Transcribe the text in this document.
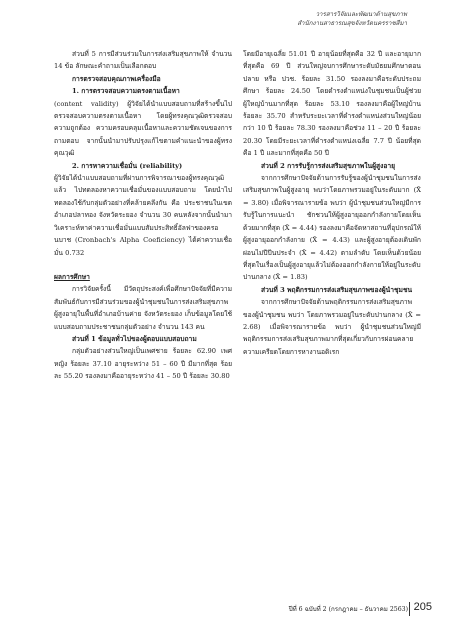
วารสารวิจัยและพัฒนาด้านสุขภาพ
สำนักงานสาธารณสุขจังหวัดนครราชสีมา

ส่วนที่ 5 การมีส่วนร่วมในการส่งเสริมสุขภาพให้ จำนวน 14 ข้อ ลักษณะคำถามเป็นเลือกตอบ

การตรวจสอบคุณภาพเครื่องมือ

1. การตรวจสอบความตรงตามเนื้อหา

(content validity) ผู้วิจัยได้นำแบบสอบถามที่สร้างขึ้นไปตรวจสอบความตรงตามเนื้อหา โดยผู้ทรงคุณวุฒิตรวจสอบความถูกต้อง ความครอบคลุมเนื้อหาและความชัดเจนของการถามตอบ จากนั้นนำมาปรับปรุงแก้ไขตามคำแนะนำของผู้ทรงคุณวุฒิ

2. การหาความเชื่อมั่น (reliability)

ผู้วิจัยได้นำแบบสอบถามที่ผ่านการพิจารณาของผู้ทรงคุณวุฒิแล้ว ไปทดลองหาความเชื่อมั่นของแบบสอบถาม โดยนำไปทดลองใช้กับกลุ่มตัวอย่างที่คล้ายคลึงกัน คือ ประชาชนในเขตอำเภอปลาทอง จังหวัดระยอง จำนวน 30 คนหลังจากนั้นนำมาวิเคราะห์หาค่าความเชื่อมั่นแบบสัมประสิทธิ์อัลฟาของครอนบาช (Cronbach's Alpha Coeficiency) ได้ค่าความเชื่อมั่น 0.732

ผลการศึกษา

การวิจัยครั้งนี้ มีวัตถุประสงค์เพื่อศึกษาปัจจัยที่มีความสัมพันธ์กับการมีส่วนร่วมของผู้นำชุมชนในการส่งเสริมสุขภาพผู้สูงอายุในพื้นที่อำเภอบ้านค่าย จังหวัดระยอง เก็บข้อมูลโดยใช้แบบสอบถามประชาชนกลุ่มตัวอย่าง จำนวน 143 คน

ส่วนที่ 1 ข้อมูลทั่วไปของผู้ตอบแบบสอบถาม

กลุ่มตัวอย่างส่วนใหญ่เป็นเพศชาย ร้อยละ 62.90 เพศหญิง ร้อยละ 37.10 อายุระหว่าง 51 – 60 ปี มีมากที่สุด ร้อยละ 55.20 รองลงมาคืออายุระหว่าง 41 – 50 ปี ร้อยละ 30.80

โดยมีอายุเฉลี่ย 51.01 ปี อายุน้อยที่สุดคือ 32 ปี และอายุมากที่สุดคือ 69 ปี ส่วนใหญ่จบการศึกษาระดับมัธยมศึกษาตอนปลาย หรือ ปวช. ร้อยละ 31.50 รองลงมาคือระดับประถมศึกษา ร้อยละ 24.50 โดยดำรงตำแหน่งในชุมชนเป็นผู้ช่วยผู้ใหญ่บ้านมากที่สุด ร้อยละ 53.10 รองลงมาคือผู้ใหญ่บ้าน ร้อยละ 35.70 สำหรับระยะเวลาที่ดำรงตำแหน่งส่วนใหญ่น้อยกว่า 10 ปี ร้อยละ 78.30 รองลงมาคือช่วง 11 – 20 ปี ร้อยละ 20.30 โดยมีระยะเวลาที่ดำรงตำแหน่งเฉลี่ย 7.7 ปี น้อยที่สุดคือ 1 ปี และมากที่สุดคือ 50 ปี

ส่วนที่ 2 การรับรู้การส่งเสริมสุขภาพในผู้สูงอายุ

จากการศึกษาปัจจัยด้านการรับรู้ของผู้นำชุมชนในการส่งเสริมสุขภาพในผู้สูงอายุ พบว่าโดยภาพรวมอยู่ในระดับมาก (X̄ = 3.80) เมื่อพิจารณารายข้อ พบว่า ผู้นำชุมชนส่วนใหญ่มีการรับรู้ในการแนะนำ ชักชวนให้ผู้สูงอายุออกกำลังกายโดยเห็นด้วยมากที่สุด (X̄ = 4.44) รองลงมาคือจัดหาสถานที่อุปกรณ์ให้ผู้สูงอายุออกกำลังกาย (X̄ = 4.43) และผู้สูงอายุต้องเดินพักผ่อนไม่ปีปีนประจำ (X̄ = 4.42) ตามลำดับ โดยเห็นด้วยน้อยที่สุดในเรื่องเป็นผู้สูงอายุแล้วไม่ต้องออกกำลังกายให้อยู่ในระดับปานกลาง (X̄ = 1.83)

ส่วนที่ 3 พฤติกรรมการส่งเสริมสุขภาพของผู้นำชุมชน

จากการศึกษาปัจจัยด้านพฤติกรรมการส่งเสริมสุขภาพของผู้นำชุมชน พบว่า โดยภาพรวมอยู่ในระดับปานกลาง (X̄ = 2.68) เมื่อพิจารณารายข้อ พบว่า ผู้นำชุมชนส่วนใหญ่มีพฤติกรรมการส่งเสริมสุขภาพมากที่สุดเกี่ยวกับการผ่อนคลายความเครียดโดยการหางานอดิเรก

ปีที่ 6 ฉบับที่ 2 (กรกฎาคม – ธันวาคม 2563) 205
